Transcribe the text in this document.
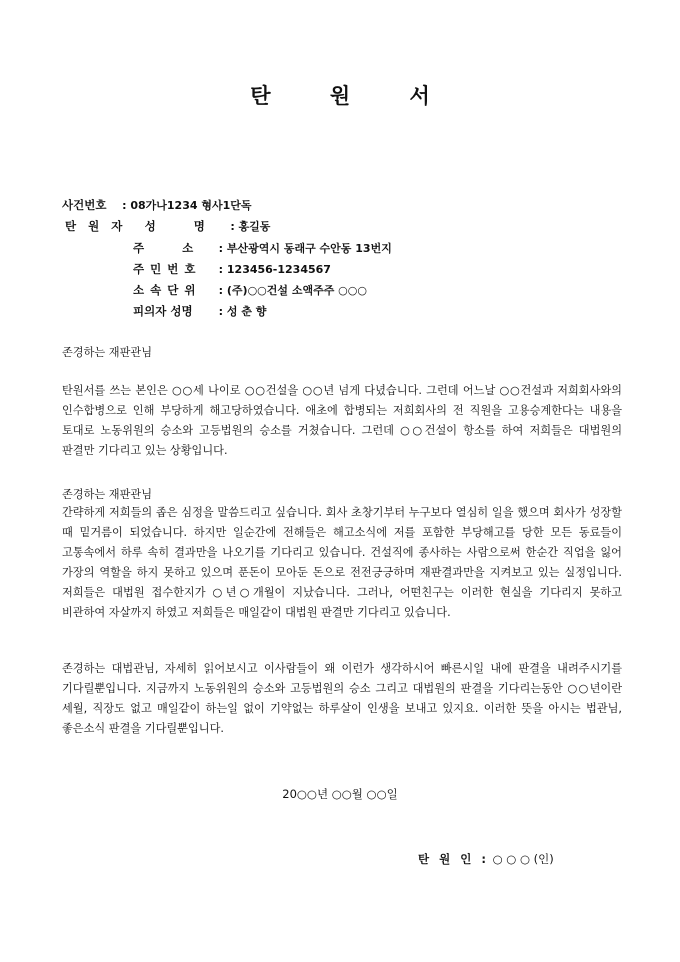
탄	원	서
사건번호 : 08가나1234 형사1단독
탄 원 자 성 명 : 홍길동
주 소 : 부산광역시 동래구 수안동 13번지
주 민 번 호 : 123456-1234567
소 속 단 위 : (주)○○건설 소액주주 ○○○
피의자 성명 : 성 춘 향
존경하는 재판관님
탄원서를 쓰는 본인은 ○○세 나이로 ○○건설을 ○○년 넘게 다녔습니다. 그런데 어느날 ○○건설과 저희회사와의 인수합병으로 인해 부당하게 해고당하였습니다. 애초에 합병되는 저희회사의 전 직원을 고용승계한다는 내용을 토대로 노동위원의 승소와 고등법원의 승소를 거쳤습니다. 그런데 ○○건설이 항소를 하여 저희들은 대법원의 판결만 기다리고 있는 상황입니다.
존경하는 재판관님
간략하게 저희들의 좁은 심정을 말씀드리고 싶습니다. 회사 초창기부터 누구보다 열심히 일을 했으며 회사가 성장할 때 밑거름이 되었습니다. 하지만 일순간에 전해들은 해고소식에 저를 포함한 부당해고를 당한 모든 동료들이 고통속에서 하루 속히 결과만을 나오기를 기다리고 있습니다. 건설직에 종사하는 사람으로써 한순간 직업을 잃어 가장의 역할을 하지 못하고 있으며 푼돈이 모아둔 돈으로 전전긍긍하며 재판결과만을 지켜보고 있는 실정입니다. 저희들은 대법원 접수한지가 ○년○개월이 지났습니다. 그러나, 어떤친구는 이러한 현실을 기다리지 못하고 비관하여 자살까지 하였고 저희들은 매일같이 대법원 판결만 기다리고 있습니다.
존경하는 대법관님, 자세히 읽어보시고 이사람들이 왜 이런가 생각하시어 빠른시일 내에 판결을 내려주시기를 기다릴뿐입니다. 지금까지 노동위원의 승소와 고등법원의 승소 그리고 대법원의 판결을 기다리는동안 ○○년이란 세월, 직장도 없고 매일같이 하는일 없이 기약없는 하루살이 인생을 보내고 있지요. 이러한 뜻을 아시는 법관님, 좋은소식 판결을 기다릴뿐입니다.
20○○년 ○○월 ○○일
탄 원 인 : ○ ○ ○ (인)
